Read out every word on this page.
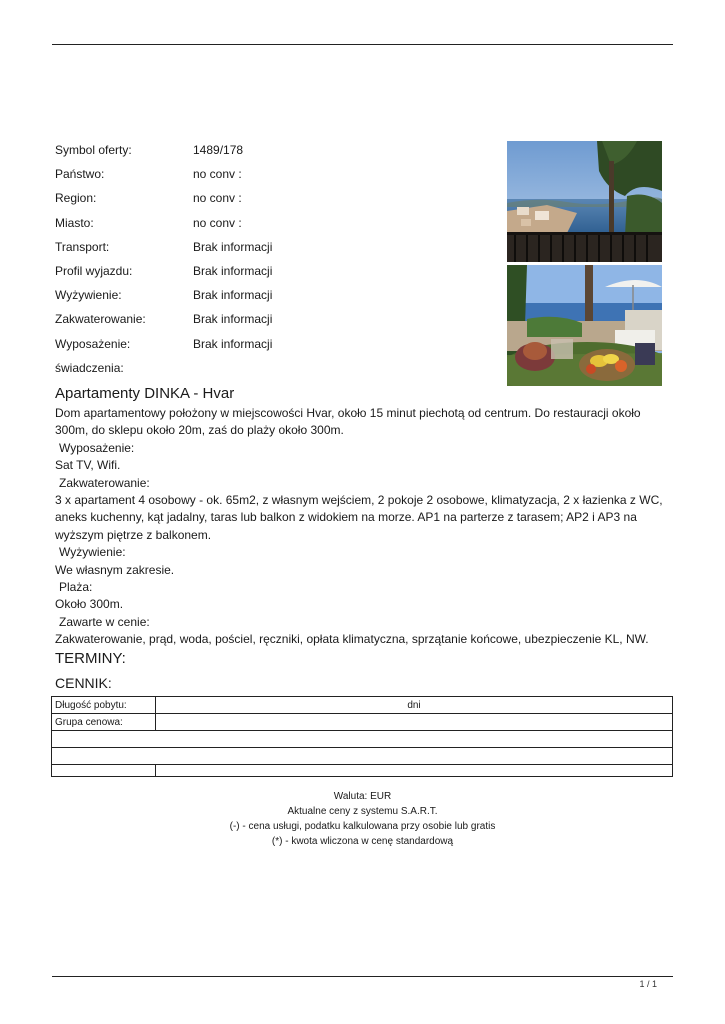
Symbol oferty:	1489/178
Państwo:	no conv :
Region:	no conv :
Miasto:	no conv :
Transport:	Brak informacji
Profil wyjazdu:	Brak informacji
Wyżywienie:	Brak informacji
Zakwaterowanie:	Brak informacji
Wyposażenie:	Brak informacji
świadczenia:
Apartamenty DINKA - Hvar

Dom apartamentowy położony w miejscowości Hvar, około 15 minut piechotą od centrum. Do restauracji około 300m, do sklepu około 20m, zaś do plaży około 300m.

Wyposażenie:

Sat TV, Wifi.

Zakwaterowanie:

3 x apartament 4 osobowy - ok. 65m2, z własnym wejściem, 2 pokoje 2 osobowe, klimatyzacja, 2 x łazienka z WC, aneks kuchenny, kąt jadalny, taras lub balkon z widokiem na morze. AP1 na parterze z tarasem; AP2 i AP3 na wyższym piętrze z balkonem.

Wyżywienie:

We własnym zakresie.

Plaża:

Około 300m.

Zawarte w cenie:

Zakwaterowanie, prąd, woda, pościel, ręczniki, opłata klimatyczna, sprzątanie końcowe, ubezpieczenie KL, NW.

TERMINY:
CENNIK:
Długość pobytu:	dni
Grupa cenowa:	

Waluta: EUR

Aktualne ceny z systemu S.A.R.T.

(-) - cena usługi, podatku kalkulowana przy osobie lub gratis

(*) - kwota wliczona w cenę standardową

1 / 1
